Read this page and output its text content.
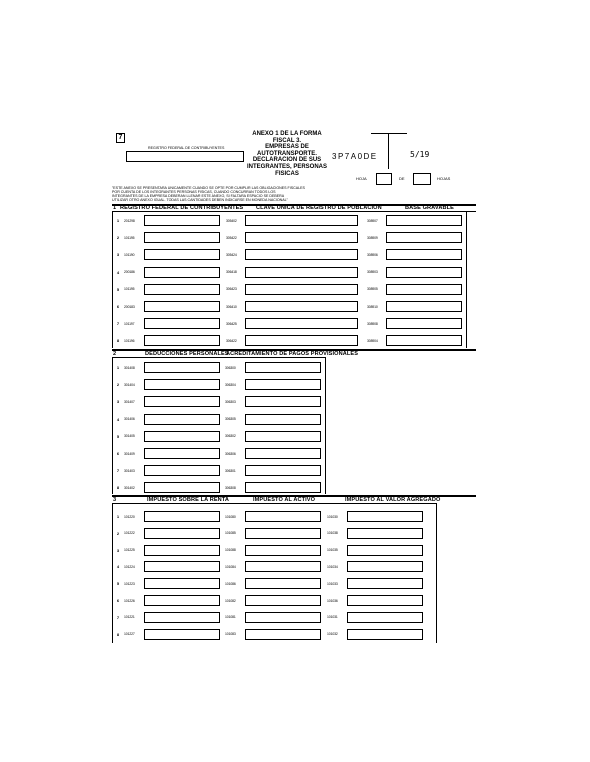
7
REGISTRO FEDERAL DE CONTRIBUYENTES
ANEXO 1 DE LA FORMA
FISCAL 3.
EMPRESAS DE
AUTOTRANSPORTE.
DECLARACION DE SUS
INTEGRANTES, PERSONAS
FISICAS
3P7A0DE	5/19
HOJA	DE	HOJAS
"ESTE ANEXO SE PRESENTARA UNICAMENTE CUANDO SE OPTE POR CUMPLIR LAS OBLIGACIONES FISCALES
POR CUENTA DE LOS INTEGRANTES PERSONAS FISICAS, CUANDO CONCURRAN TODOS LOS
INTEGRANTES DE LA EMPRESA DEBERAN LLENAR ESTE ANEXO, SI FALTARA ESPACIO SE DEBERA
UTILIZAR OTRO ANEXO IGUAL. TODAS LAS CANTIDADES DEBEN INDICARSE EN MONEDA NACIONAL"
1 REGISTRO FEDERAL DE CONTRIBUYENTES CLAVE UNICA DE REGISTRO DE POBLACION	BASE GRAVABLE
1	201298	305402	308907
2	101195	305422	308909
3	101190	305424	308906
4	200186	306418	308903
5	101195	306423	308905
6	200183	306410	308910
7	101197	306425	308908
8	101196	306422	308904
2	DEDUCCIONES PERSONALES
ACREDITAMIENTO DE PAGOS PROVISIONALES
1	301408	306300
2	301404	306304
3	301407	306303
4	301406	306305
5	301405	306302
6	301409	306306
7	301403	306301
8	301402	306308
3	IMPUESTO SOBRE LA RENTA	IMPUESTO AL ACTIVO	IMPUESTO AL VALOR AGREGADO
1	101220	101080	101030
2	101222	101085	101038
3	101225	101088	101035
4	101224	101084	101034
5	101223	101086	101033
6	101226	101082	101036
7	101221	101081	101031
8	101227	101083	101032
